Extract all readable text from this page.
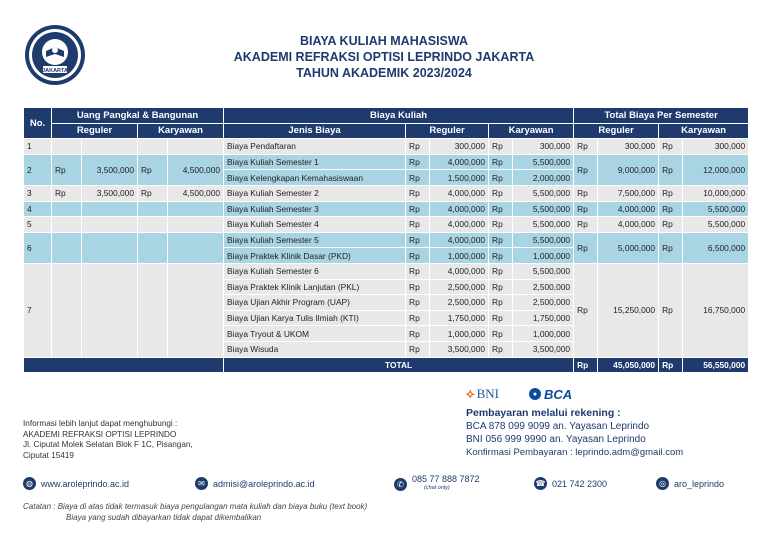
JAKARTA
BIAYA KULIAH MAHASISWA
AKADEMI REFRAKSI OPTISI LEPRINDO JAKARTA
TAHUN AKADEMIK 2023/2024
No.	Uang Pangkal & Bangunan				Biaya Kuliah					Total Biaya Per Semester			
	Reguler		Karyawan		Jenis Biaya	Reguler		Karyawan		Reguler		Karyawan	
1					Biaya Pendaftaran	Rp	300,000	Rp	300,000	Rp	300,000	Rp	300,000
2	Rp	3,500,000	Rp	4,500,000	Biaya Kuliah Semester 1	Rp	4,000,000	Rp	5,500,000	Rp	9,000,000	Rp	12,000,000
					Biaya Kelengkapan Kemahasiswaan	Rp	1,500,000	Rp	2,000,000				
3	Rp	3,500,000	Rp	4,500,000	Biaya Kuliah Semester 2	Rp	4,000,000	Rp	5,500,000	Rp	7,500,000	Rp	10,000,000
4					Biaya Kuliah Semester 3	Rp	4,000,000	Rp	5,500,000	Rp	4,000,000	Rp	5,500,000
5					Biaya Kuliah Semester 4	Rp	4,000,000	Rp	5,500,000	Rp	4,000,000	Rp	5,500,000
6					Biaya Kuliah Semester 5	Rp	4,000,000	Rp	5,500,000	Rp	5,000,000	Rp	6,500,000
					Biaya Praktek Klinik Dasar (PKD)	Rp	1,000,000	Rp	1,000,000				
7					Biaya Kuliah Semester 6	Rp	4,000,000	Rp	5,500,000	Rp	15,250,000	Rp	16,750,000
					Biaya Praktek Klinik Lanjutan (PKL)	Rp	2,500,000	Rp	2,500,000				
					Biaya Ujian Akhir Program (UAP)	Rp	2,500,000	Rp	2,500,000				
					Biaya Ujian Karya Tulis Ilmiah (KTI)	Rp	1,750,000	Rp	1,750,000				
					Biaya Tryout & UKOM	Rp	1,000,000	Rp	1,000,000				
					Biaya Wisuda	Rp	3,500,000	Rp	3,500,000				
					TOTAL					Rp	45,050,000	Rp	56,550,000
⟡ BNI	● BCA
Pembayaran melalui rekening :
BCA 878 099 9099 an. Yayasan Leprindo
BNI 056 999 9990 an. Yayasan Leprindo
Konfirmasi Pembayaran : leprindo.adm@gmail.com
Informasi lebih lanjut dapat menghubungi :
AKADEMI REFRAKSI OPTISI LEPRINDO
Jl. Ciputat Molek Selatan Blok F 1C, Pisangan,
Ciputat 15419
◍ www.aroleprindo.ac.id	✉ admisi@aroleprindo.ac.id	✆ 085 77 888 7872
(chat only)	☎ 021 742 2300	◎ aro_leprindo
Catatan : Biaya di atas tidak termasuk biaya pengulangan mata kuliah dan biaya buku (text book)
Biaya yang sudah dibayarkan tidak dapat dikembalikan
